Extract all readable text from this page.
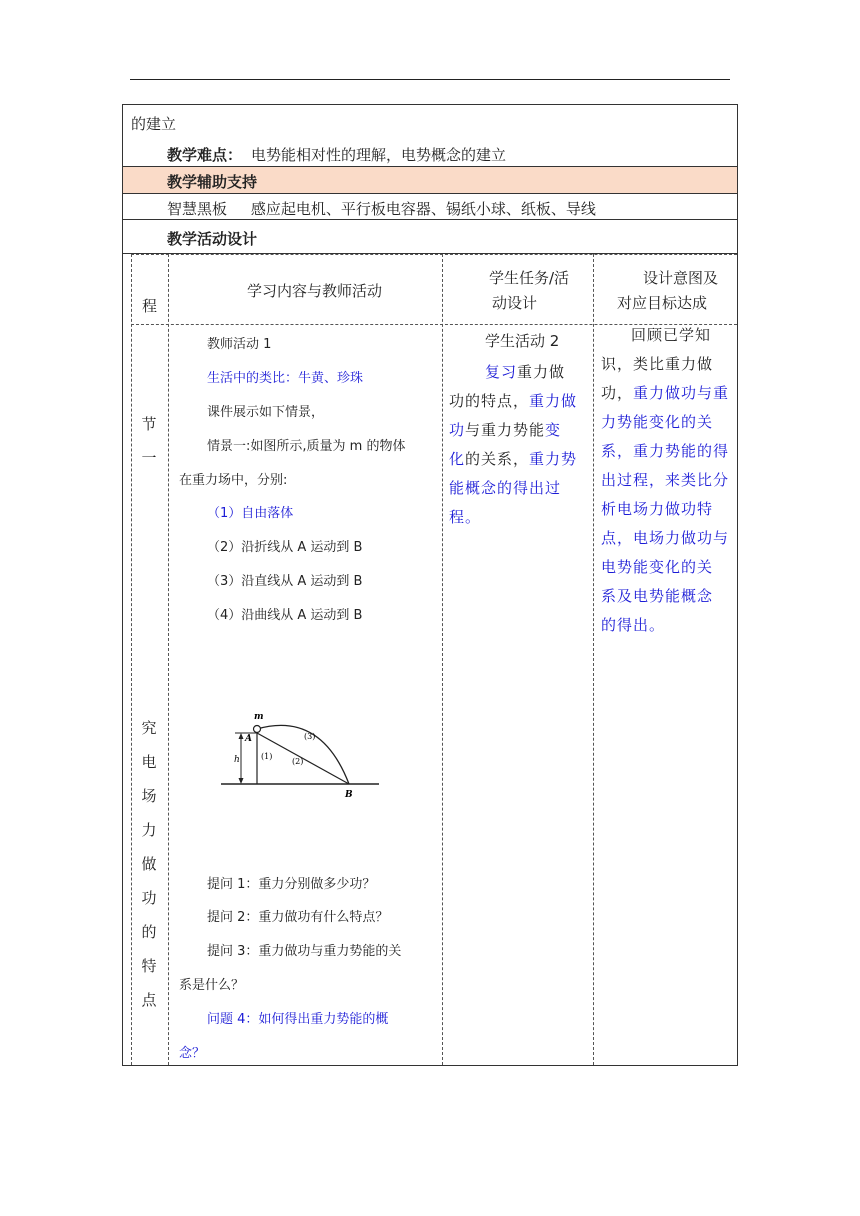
的建立
教学难点： 电势能相对性的理解，电势概念的建立
教学辅助支持
智慧黑板     感应起电机、平行板电容器、锡纸小球、纸板、导线
教学活动设计
程
学习内容与教师活动
学生任务/活
动设计
设计意图及
对应目标达成
节
一
究
电
场
力
做
功
的
特
点
教师活动 1
生活中的类比：牛黄、珍珠
课件展示如下情景，
情景一:如图所示,质量为 m 的物体
在重力场中，分别:
（1）自由落体
（2）沿折线从 A 运动到 B
（3）沿直线从 A 运动到 B
（4）沿曲线从 A 运动到 B
m
A
h
B
(1)
(2)
(3)
提问 1：重力分别做多少功？
提问 2：重力做功有什么特点？
提问 3：重力做功与重力势能的关
系是什么？
问题 4：如何得出重力势能的概
念？
学生活动 2
复习重力做
功的特点，重力做
功与重力势能变
化的关系，重力势
能概念的得出过
程。
回顾已学知
识，类比重力做
功，重力做功与重
力势能变化的关
系，重力势能的得
出过程，来类比分
析电场力做功特
点，电场力做功与
电势能变化的关
系及电势能概念
的得出。
